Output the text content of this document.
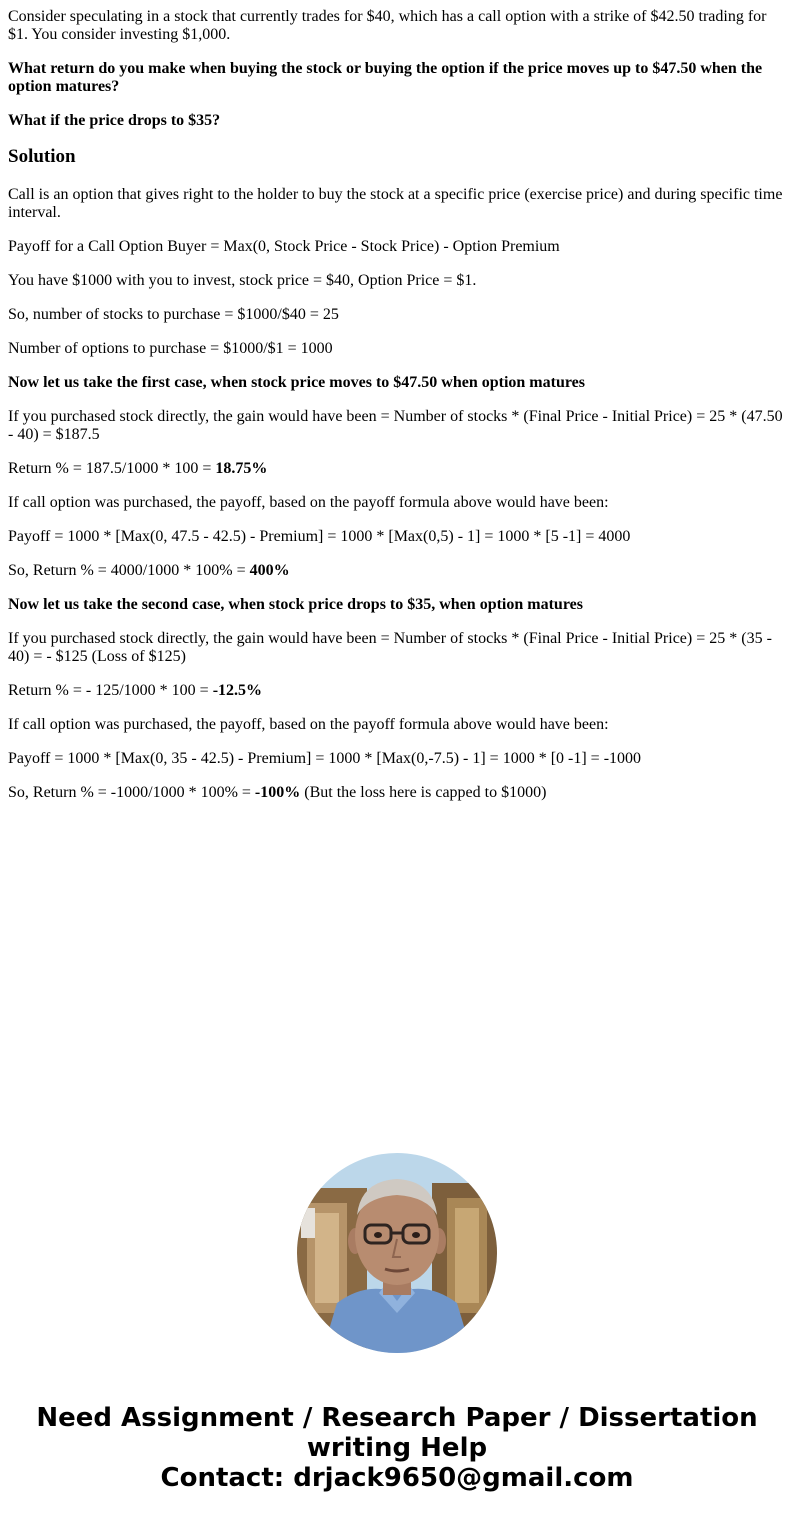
Consider speculating in a stock that currently trades for $40, which has a call option with a strike of $42.50 trading for $1. You consider investing $1,000.

What return do you make when buying the stock or buying the option if the price moves up to $47.50 when the option matures?

What if the price drops to $35?

Solution

Call is an option that gives right to the holder to buy the stock at a specific price (exercise price) and during specific time interval.

Payoff for a Call Option Buyer = Max(0, Stock Price - Stock Price) - Option Premium

You have $1000 with you to invest, stock price = $40, Option Price = $1.

So, number of stocks to purchase = $1000/$40 = 25

Number of options to purchase = $1000/$1 = 1000

Now let us take the first case, when stock price moves to $47.50 when option matures

If you purchased stock directly, the gain would have been = Number of stocks * (Final Price - Initial Price) = 25 * (47.50 - 40) = $187.5

Return % = 187.5/1000 * 100 = 18.75%

If call option was purchased, the payoff, based on the payoff formula above would have been:

Payoff = 1000 * [Max(0, 47.5 - 42.5) - Premium] = 1000 * [Max(0,5) - 1] = 1000 * [5 -1] = 4000

So, Return % = 4000/1000 * 100% = 400%

Now let us take the second case, when stock price drops to $35, when option matures

If you purchased stock directly, the gain would have been = Number of stocks * (Final Price - Initial Price) = 25 * (35 - 40) = - $125 (Loss of $125)

Return % = - 125/1000 * 100 = -12.5%

If call option was purchased, the payoff, based on the payoff formula above would have been:

Payoff = 1000 * [Max(0, 35 - 42.5) - Premium] = 1000 * [Max(0,-7.5) - 1] = 1000 * [0 -1] = -1000

So, Return % = -1000/1000 * 100% = -100% (But the loss here is capped to $1000)

Need Assignment / Research Paper / Dissertation
writing Help
Contact: drjack9650@gmail.com
